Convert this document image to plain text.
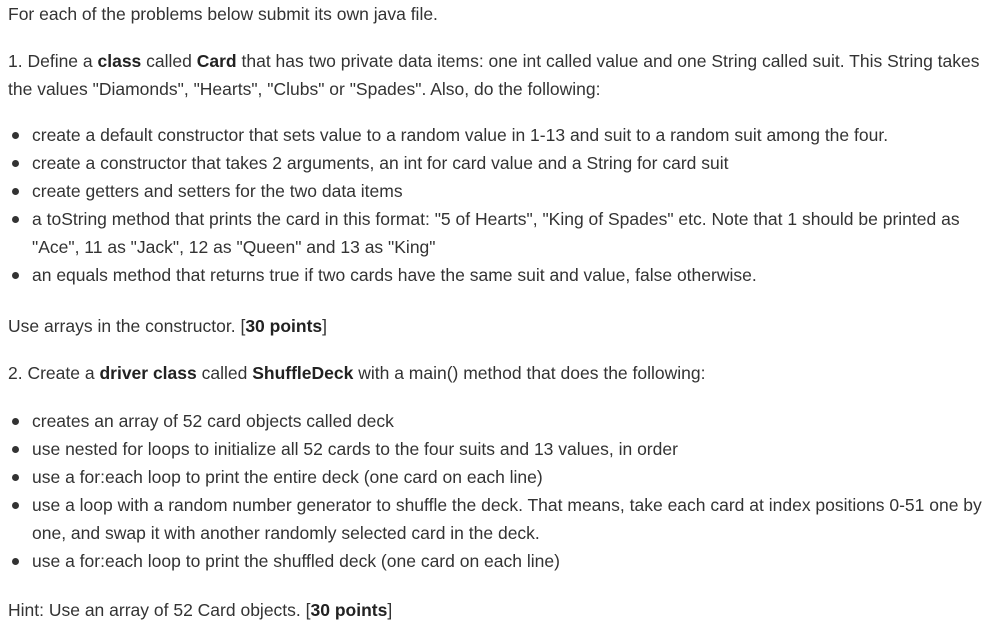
For each of the problems below submit its own java file.

1. Define a class called Card that has two private data items: one int called value and one String called suit. This String takes the values "Diamonds", "Hearts", "Clubs" or "Spades". Also, do the following:

create a default constructor that sets value to a random value in 1-13 and suit to a random suit among the four.
create a constructor that takes 2 arguments, an int for card value and a String for card suit
create getters and setters for the two data items
a toString method that prints the card in this format: "5 of Hearts", "King of Spades" etc. Note that 1 should be printed as "Ace", 11 as "Jack", 12 as "Queen" and 13 as "King"
an equals method that returns true if two cards have the same suit and value, false otherwise.

Use arrays in the constructor. [30 points]

2. Create a driver class called ShuffleDeck with a main() method that does the following:

creates an array of 52 card objects called deck
use nested for loops to initialize all 52 cards to the four suits and 13 values, in order
use a for:each loop to print the entire deck (one card on each line)
use a loop with a random number generator to shuffle the deck. That means, take each card at index positions 0-51 one by one, and swap it with another randomly selected card in the deck.
use a for:each loop to print the shuffled deck (one card on each line)

Hint: Use an array of 52 Card objects. [30 points]
